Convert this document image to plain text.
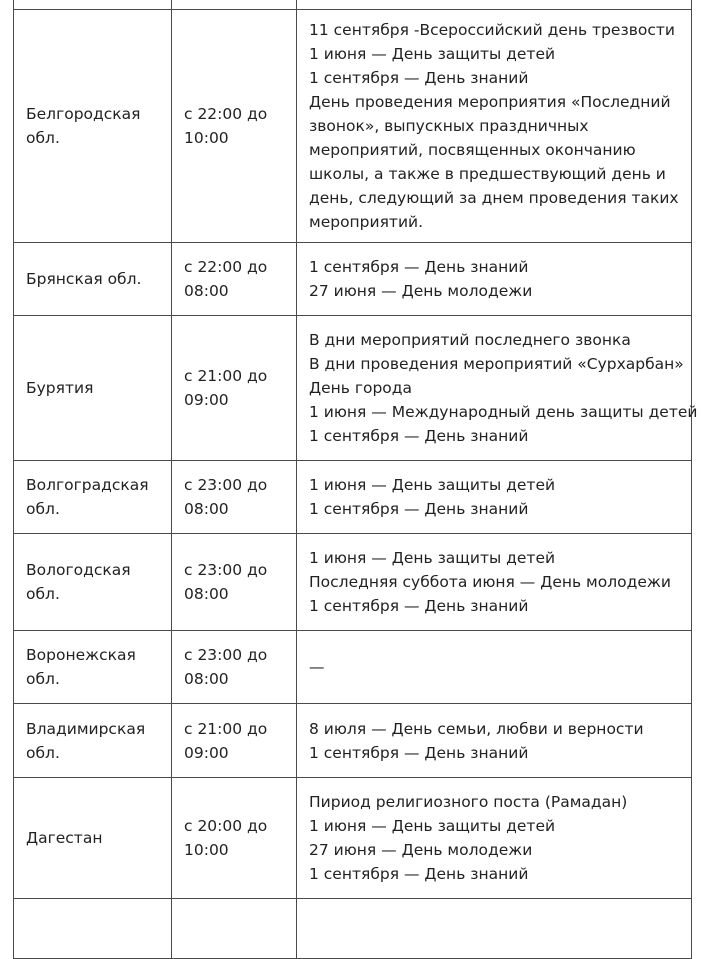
Белгородская обл.	с 22:00 до 10:00	11 сентября -Всероссийский день трезвости
1 июня — День защиты детей
1 сентября — День знаний
День проведения мероприятия «Последний звонок», выпускных праздничных мероприятий, посвященных окончанию школы, а также в предшествующий день и день, следующий за днем проведения таких мероприятий.

Брянская обл.	с 22:00 до 08:00	1 сентября — День знаний
27 июня — День молодежи

Бурятия	с 21:00 до 09:00	В дни мероприятий последнего звонка
В дни проведения мероприятий «Сурхарбан»
День города
1 июня — Международный день защиты детей
1 сентября — День знаний

Волгоградская обл.	с 23:00 до 08:00	1 июня — День защиты детей
1 сентября — День знаний

Вологодская обл.	с 23:00 до 08:00	1 июня — День защиты детей
Последняя суббота июня — День молодежи
1 сентября — День знаний

Воронежская обл.	с 23:00 до 08:00	—

Владимирская обл.	с 21:00 до 09:00	8 июля — День семьи, любви и верности
1 сентября — День знаний

Дагестан	с 20:00 до 10:00	Пириод религиозного поста (Рамадан)
1 июня — День защиты детей
27 июня — День молодежи
1 сентября — День знаний
